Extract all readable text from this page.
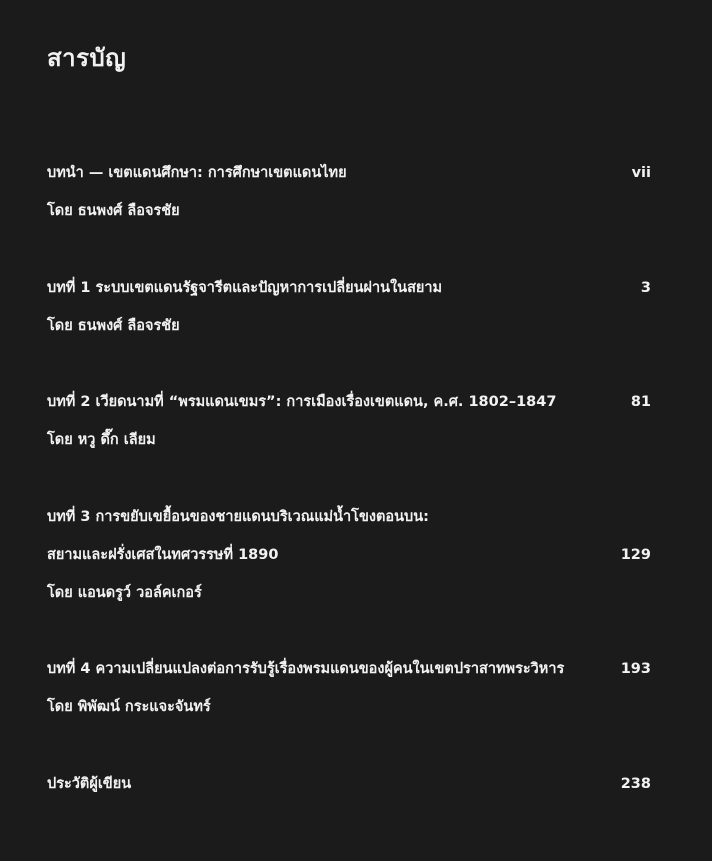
สารบัญ
บทนำ — เขตแดนศึกษา: การศึกษาเขตแดนไทย	vii
โดย ธนพงศ์ ลือจรชัย
บทที่ 1 ระบบเขตแดนรัฐจารีตและปัญหาการเปลี่ยนผ่านในสยาม	3
โดย ธนพงศ์ ลือจรชัย
บทที่ 2 เวียดนามที่ “พรมแดนเขมร”: การเมืองเรื่องเขตแดน, ค.ศ. 1802–1847	81
โดย หวู ดึ๊ก เลียม
บทที่ 3 การขยับเขยื้อนของชายแดนบริเวณแม่น้ำโขงตอนบน:
สยามและฝรั่งเศสในทศวรรษที่ 1890	129
โดย แอนดรูว์ วอล์คเกอร์
บทที่ 4 ความเปลี่ยนแปลงต่อการรับรู้เรื่องพรมแดนของผู้คนในเขตปราสาทพระวิหาร	193
โดย พิพัฒน์ กระแจะจันทร์
ประวัติผู้เขียน	238
